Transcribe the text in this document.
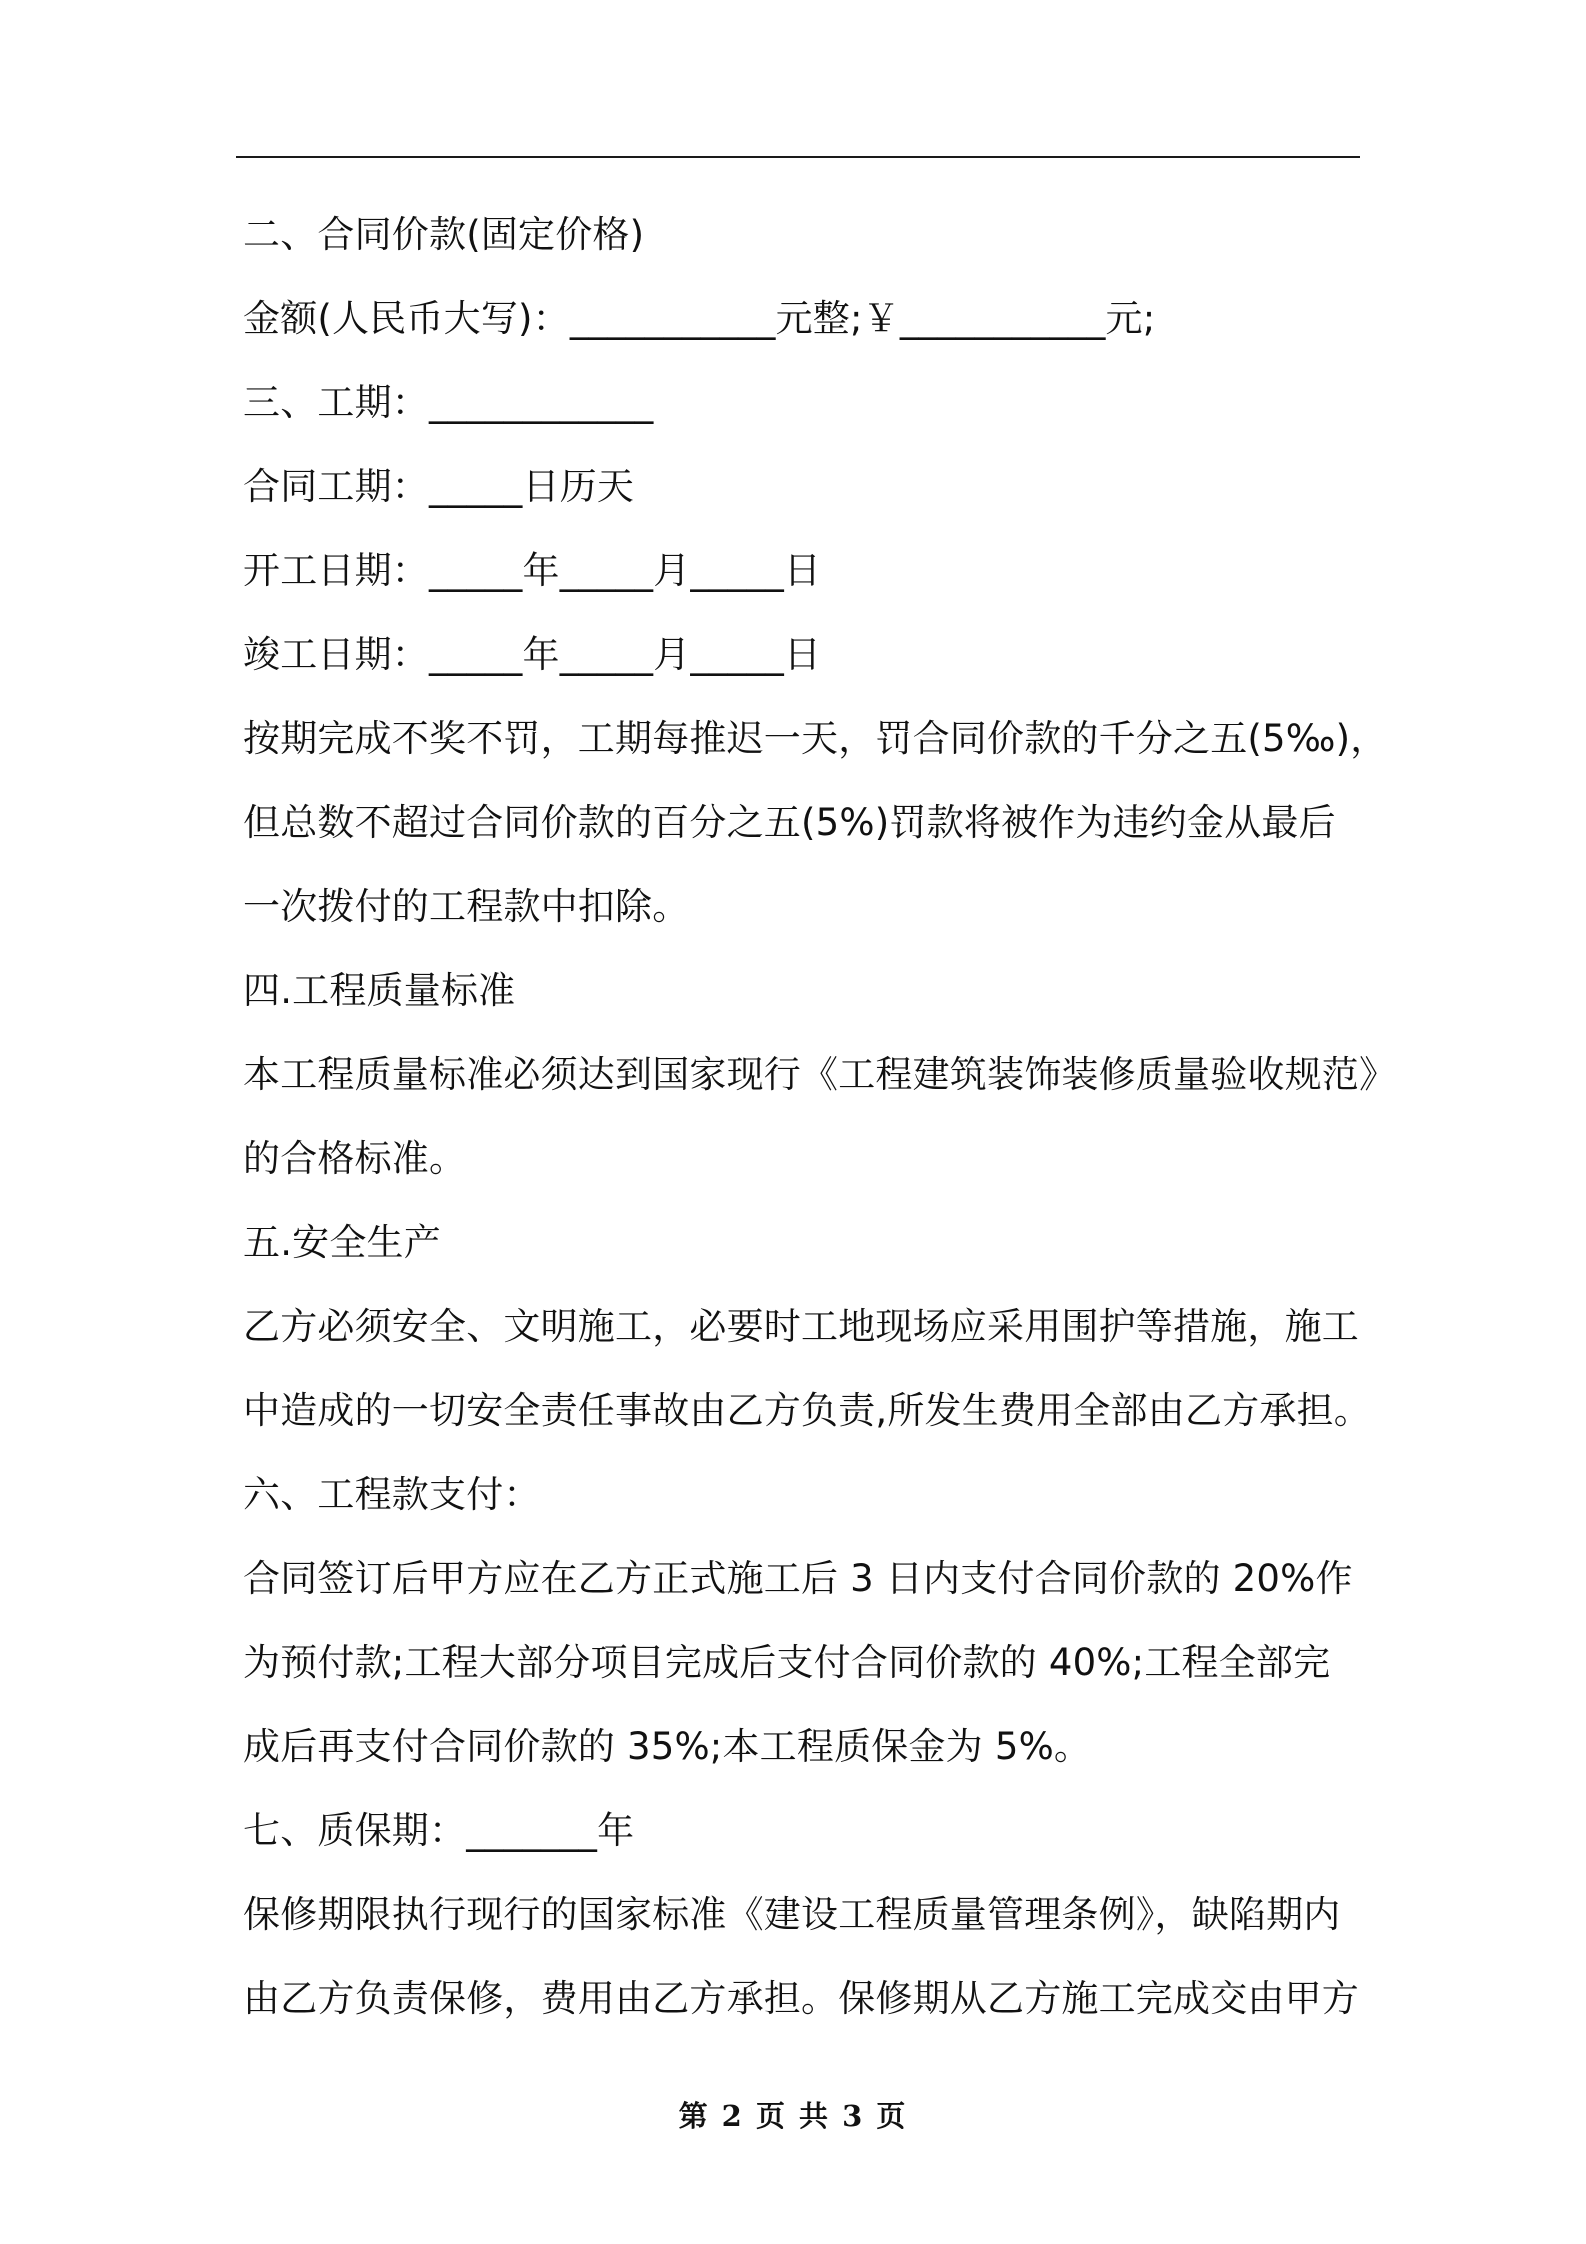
二、合同价款(固定价格)
金额(人民币大写)：___________元整;￥___________元;
三、工期：____________
合同工期：_____日历天
开工日期：_____年_____月_____日
竣工日期：_____年_____月_____日
按期完成不奖不罚，工期每推迟一天，罚合同价款的千分之五(5‰)，
但总数不超过合同价款的百分之五(5%)罚款将被作为违约金从最后
一次拨付的工程款中扣除。
四.工程质量标准
本工程质量标准必须达到国家现行《工程建筑装饰装修质量验收规范》
的合格标准。
五.安全生产
乙方必须安全、文明施工，必要时工地现场应采用围护等措施，施工
中造成的一切安全责任事故由乙方负责,所发生费用全部由乙方承担。
六、工程款支付：
合同签订后甲方应在乙方正式施工后 3 日内支付合同价款的 20%作
为预付款;工程大部分项目完成后支付合同价款的 40%;工程全部完
成后再支付合同价款的 35%;本工程质保金为 5%。
七、质保期：_______年
保修期限执行现行的国家标准《建设工程质量管理条例》，缺陷期内
由乙方负责保修，费用由乙方承担。保修期从乙方施工完成交由甲方
第 2 页 共 3 页
